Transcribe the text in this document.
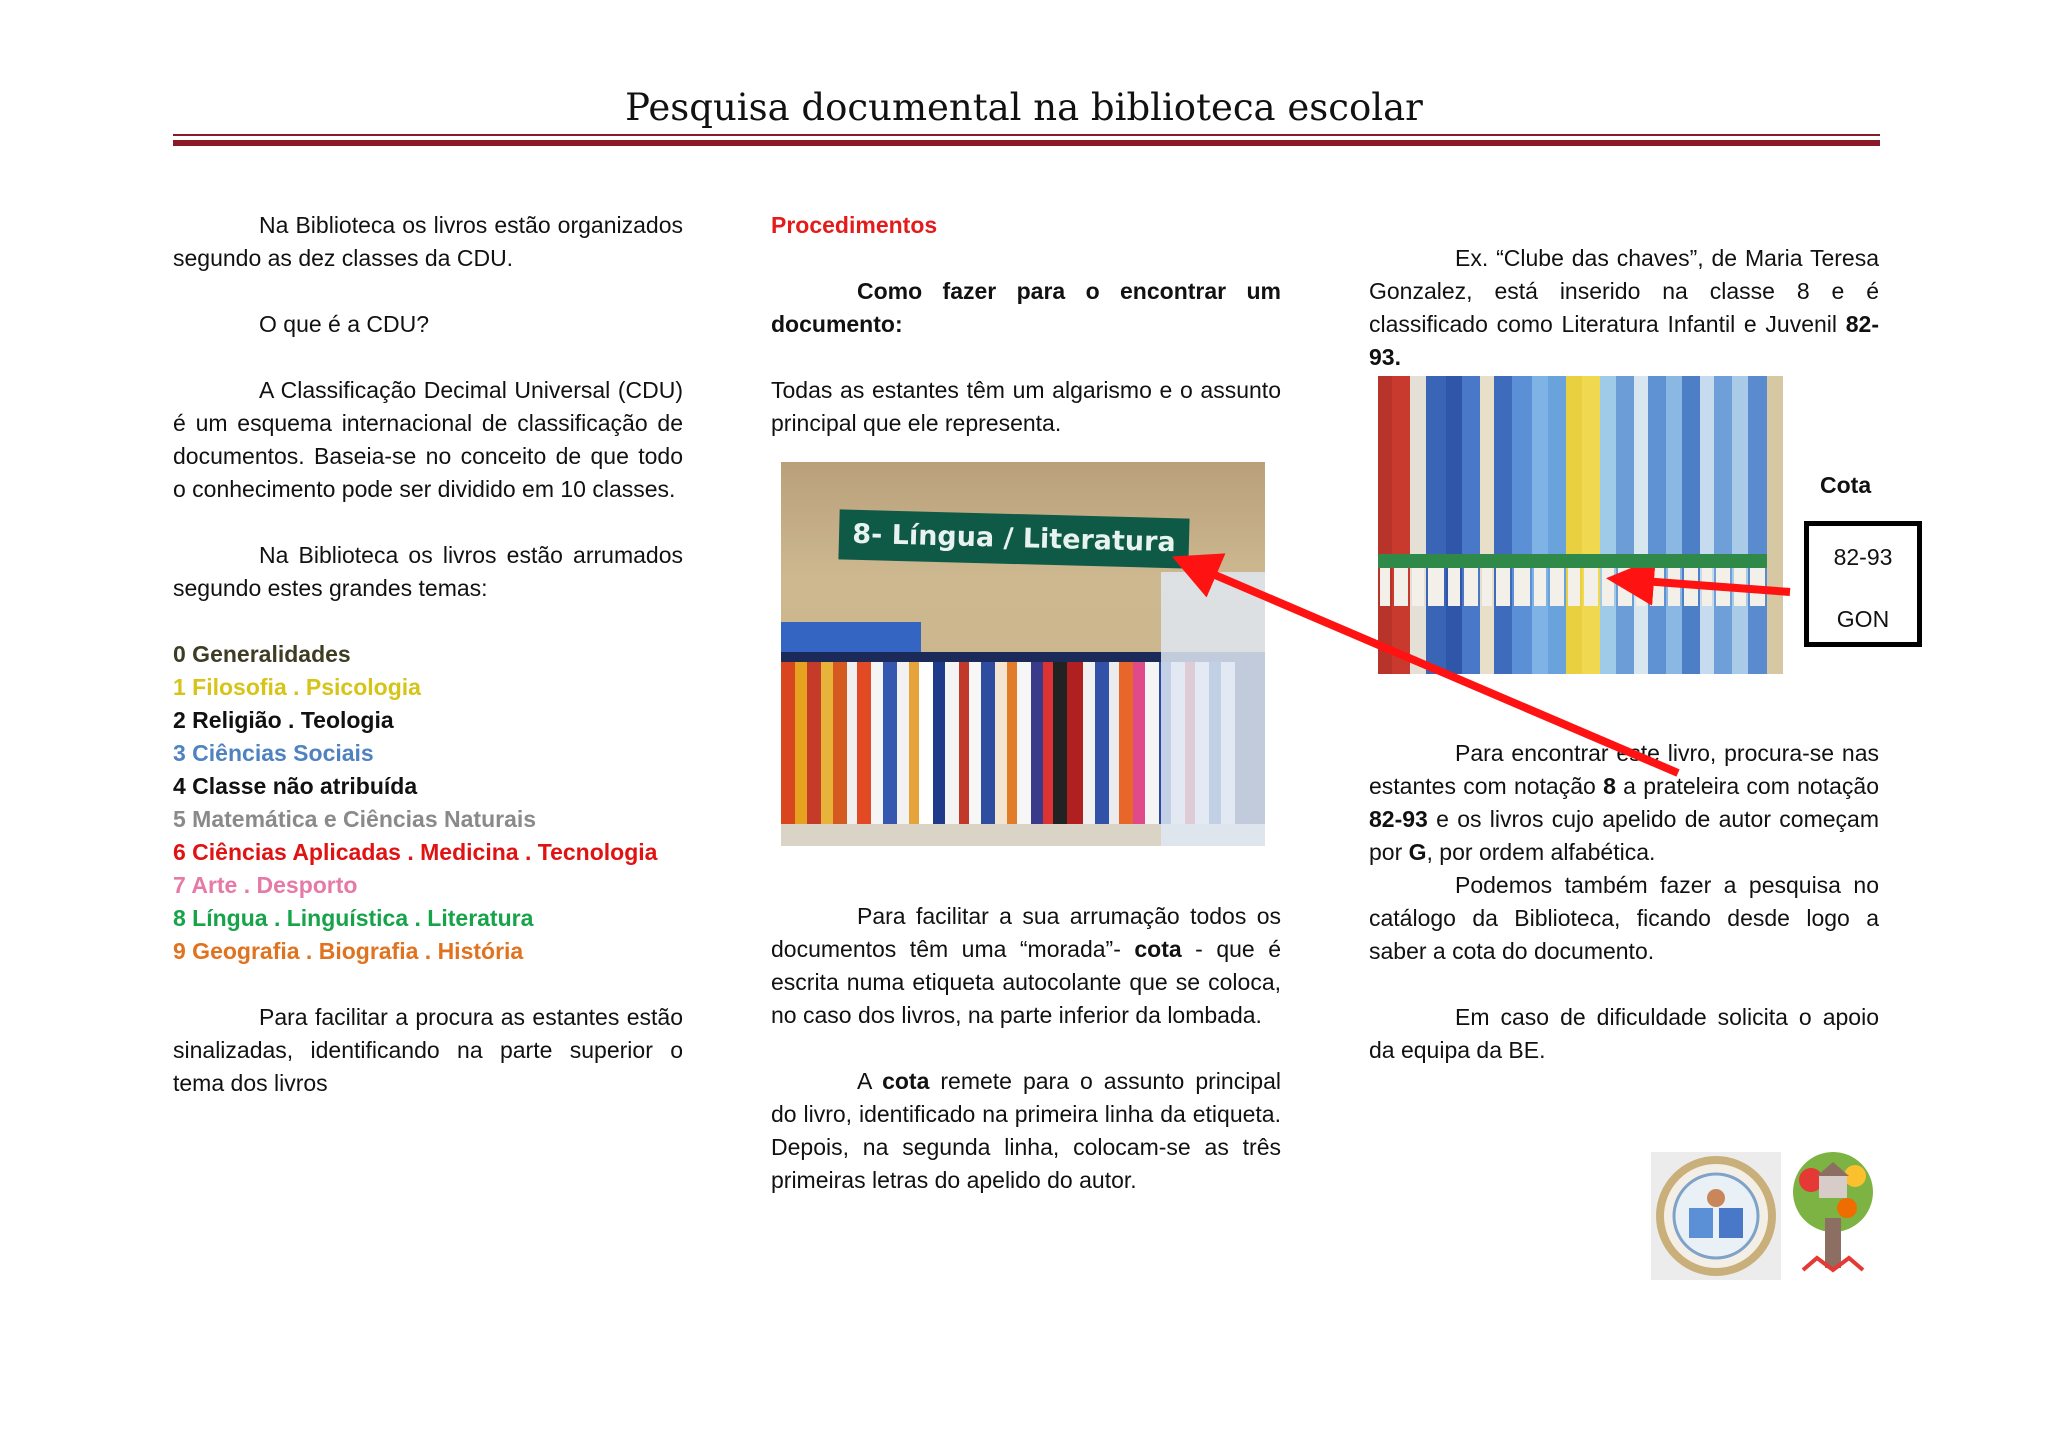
Pesquisa documental na biblioteca escolar

Na Biblioteca os livros estão organizados segundo as dez classes da CDU.

O que é a CDU?

A Classificação Decimal Universal (CDU) é um esquema internacional de classificação de documentos. Baseia-se no conceito de que todo o conhecimento pode ser dividido em 10 classes.

Na Biblioteca os livros estão arrumados segundo estes grandes temas:

0 Generalidades

1 Filosofia . Psicologia

2 Religião . Teologia

3 Ciências Sociais

4 Classe não atribuída

5 Matemática e Ciências Naturais

6 Ciências Aplicadas . Medicina . Tecnologia

7 Arte . Desporto

8 Língua . Linguística . Literatura

9 Geografia . Biografia . História

Para facilitar a procura as estantes estão sinalizadas, identificando na parte superior o tema dos livros

Procedimentos

Como fazer para o encontrar um documento:

Todas as estantes têm um algarismo e o assunto principal que ele representa.

8- Língua / Literatura

Para facilitar a sua arrumação todos os documentos têm uma “morada”- cota - que é escrita numa etiqueta autocolante que se coloca, no caso dos livros, na parte inferior da lombada.

A cota remete para o assunto principal do livro, identificado na primeira linha da etiqueta. Depois, na segunda linha, colocam-se as três primeiras letras do apelido do autor.

Ex. “Clube das chaves”, de Maria Teresa Gonzalez, está inserido na classe 8 e é classificado como Literatura Infantil e Juvenil 82-93.

Cota
82-93
GON

Para encontrar este livro, procura-se nas estantes com notação 8 a prateleira com notação 82-93 e os livros cujo apelido de autor começam por G, por ordem alfabética.

Podemos também fazer a pesquisa no catálogo da Biblioteca, ficando desde logo a saber a cota do documento.

Em caso de dificuldade solicita o apoio da equipa da BE.
